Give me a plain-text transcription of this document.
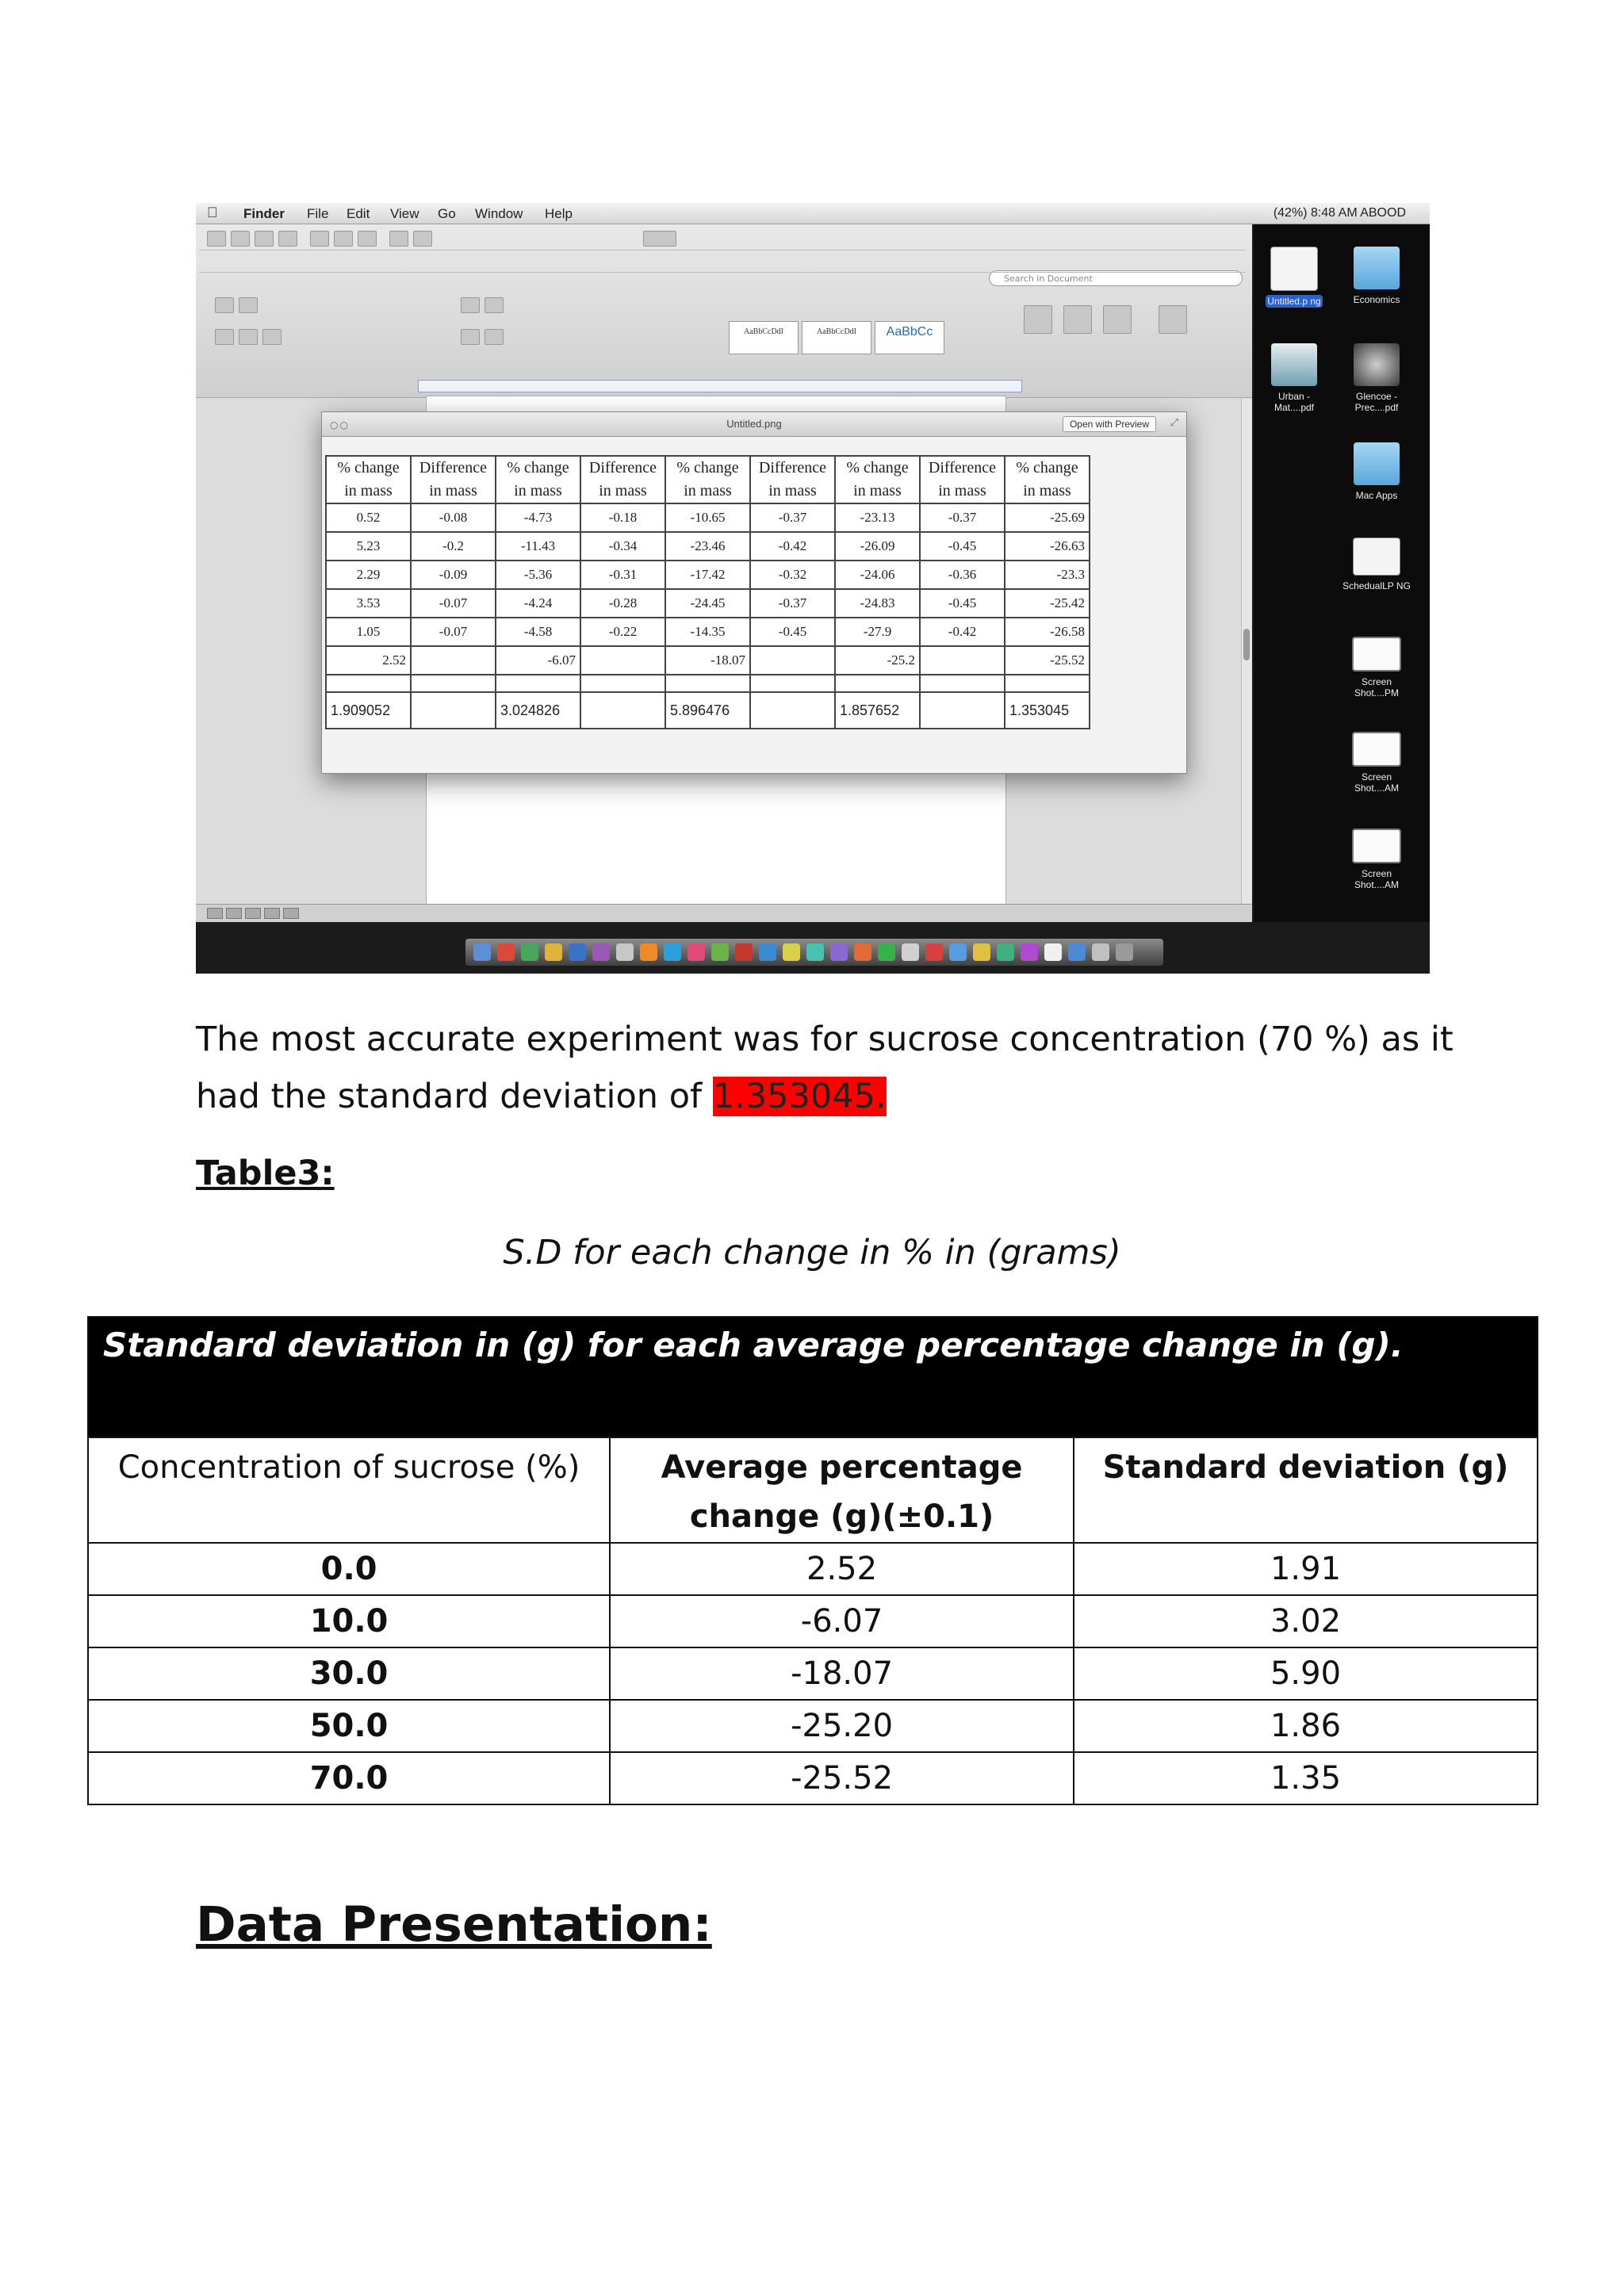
Finder File Edit View Go Window Help	(42%) 8:48 AM ABOOD
Search in Document
AaBbCcDdI	AaBbCcDdI	AaBbCc
○○	Untitled.png	Open with Preview	⤢
% change in mass	Difference in mass	% change in mass	Difference in mass	% change in mass	Difference in mass	% change in mass	Difference in mass	% change in mass
0.52	-0.08	-4.73	-0.18	-10.65	-0.37	-23.13	-0.37	-25.69
5.23	-0.2	-11.43	-0.34	-23.46	-0.42	-26.09	-0.45	-26.63
2.29	-0.09	-5.36	-0.31	-17.42	-0.32	-24.06	-0.36	-23.3
3.53	-0.07	-4.24	-0.28	-24.45	-0.37	-24.83	-0.45	-25.42
1.05	-0.07	-4.58	-0.22	-14.35	-0.45	-27.9	-0.42	-26.58
2.52		-6.07		-18.07		-25.2		-25.52

1.909052		3.024826		5.896476		1.857652		1.353045
Untitled.p ng	Economics
Urban - Mat....pdf
Glencoe - Prec....pdf
Mac Apps
SchedualLP NG
Screen Shot....PM
Screen Shot....AM
Screen Shot....AM
The most accurate experiment was for sucrose concentration (70 %) as it had the standard deviation of 1.353045.
Table3:
S.D for each change in % in (grams)
Standard deviation in (g) for each average percentage change in (g).		
Concentration of sucrose (%)	Average percentage change (g)(±0.1)	Standard deviation (g)
0.0	2.52	1.91
10.0	-6.07	3.02
30.0	-18.07	5.90
50.0	-25.20	1.86
70.0	-25.52	1.35
Data Presentation:
